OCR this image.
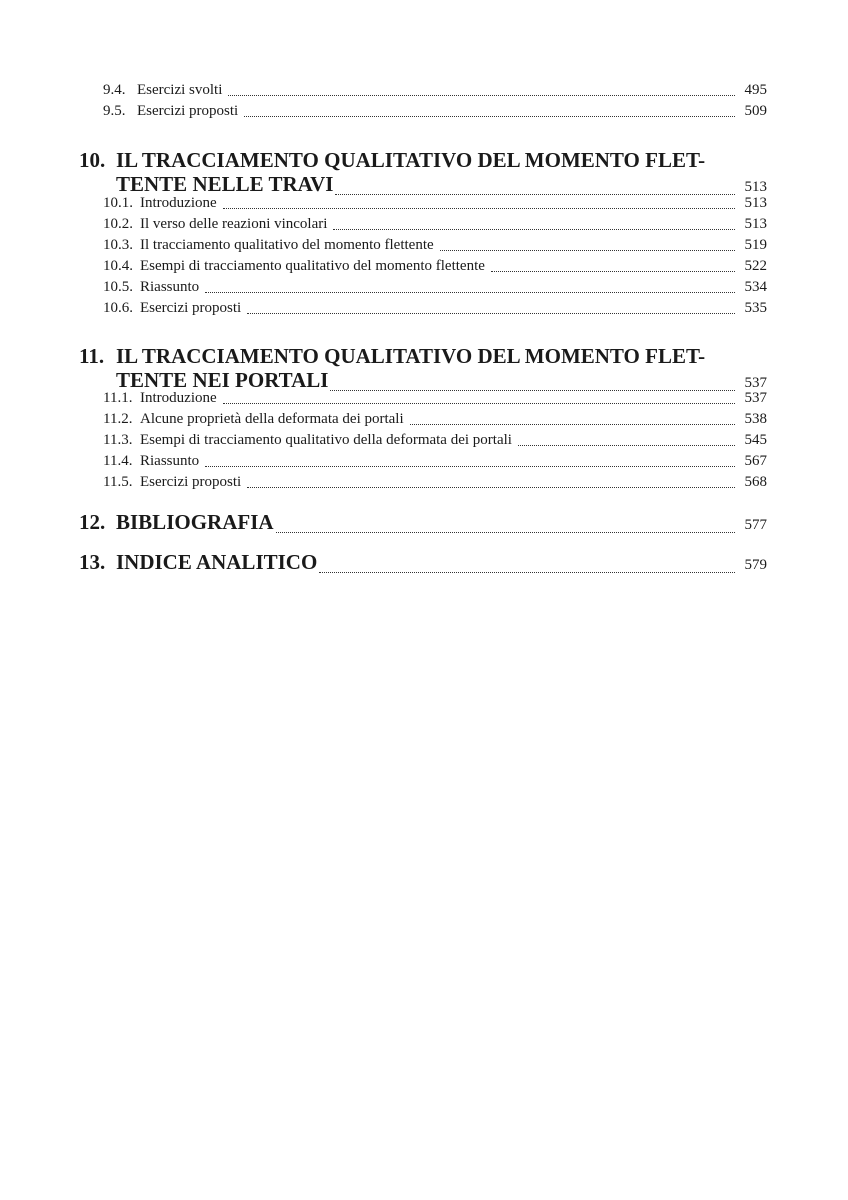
9.4. Esercizi svolti	495
9.5. Esercizi proposti	509
10. IL TRACCIAMENTO QUALITATIVO DEL MOMENTO FLET-
TENTE NELLE TRAVI	513
10.1. Introduzione	513
10.2. Il verso delle reazioni vincolari	513
10.3. Il tracciamento qualitativo del momento flettente	519
10.4. Esempi di tracciamento qualitativo del momento flettente	522
10.5. Riassunto	534
10.6. Esercizi proposti	535
11. IL TRACCIAMENTO QUALITATIVO DEL MOMENTO FLET-
TENTE NEI PORTALI	537
11.1. Introduzione	537
11.2. Alcune proprietà della deformata dei portali	538
11.3. Esempi di tracciamento qualitativo della deformata dei portali	545
11.4. Riassunto	567
11.5. Esercizi proposti	568
12. BIBLIOGRAFIA	577
13. INDICE ANALITICO	579
